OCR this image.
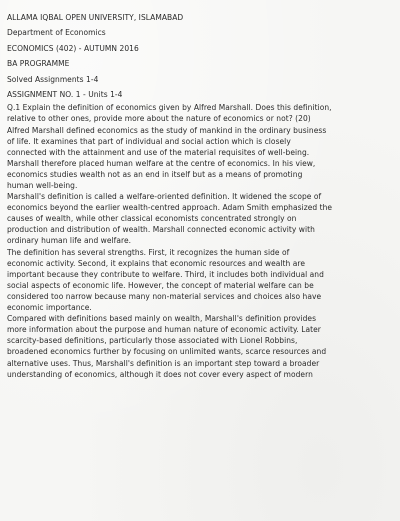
ALLAMA IQBAL OPEN UNIVERSITY, ISLAMABAD
Department of Economics
ECONOMICS (402) - AUTUMN 2016
BA PROGRAMME
Solved Assignments 1-4
ASSIGNMENT NO. 1 - Units 1-4
Q.1 Explain the definition of economics given by Alfred Marshall. Does this definition,
relative to other ones, provide more about the nature of economics or not? (20)
Alfred Marshall defined economics as the study of mankind in the ordinary business
of life. It examines that part of individual and social action which is closely
connected with the attainment and use of the material requisites of well-being.
Marshall therefore placed human welfare at the centre of economics. In his view,
economics studies wealth not as an end in itself but as a means of promoting
human well-being.
Marshall's definition is called a welfare-oriented definition. It widened the scope of
economics beyond the earlier wealth-centred approach. Adam Smith emphasized the
causes of wealth, while other classical economists concentrated strongly on
production and distribution of wealth. Marshall connected economic activity with
ordinary human life and welfare.
The definition has several strengths. First, it recognizes the human side of
economic activity. Second, it explains that economic resources and wealth are
important because they contribute to welfare. Third, it includes both individual and
social aspects of economic life. However, the concept of material welfare can be
considered too narrow because many non-material services and choices also have
economic importance.
Compared with definitions based mainly on wealth, Marshall's definition provides
more information about the purpose and human nature of economic activity. Later
scarcity-based definitions, particularly those associated with Lionel Robbins,
broadened economics further by focusing on unlimited wants, scarce resources and
alternative uses. Thus, Marshall's definition is an important step toward a broader
understanding of economics, although it does not cover every aspect of modern
